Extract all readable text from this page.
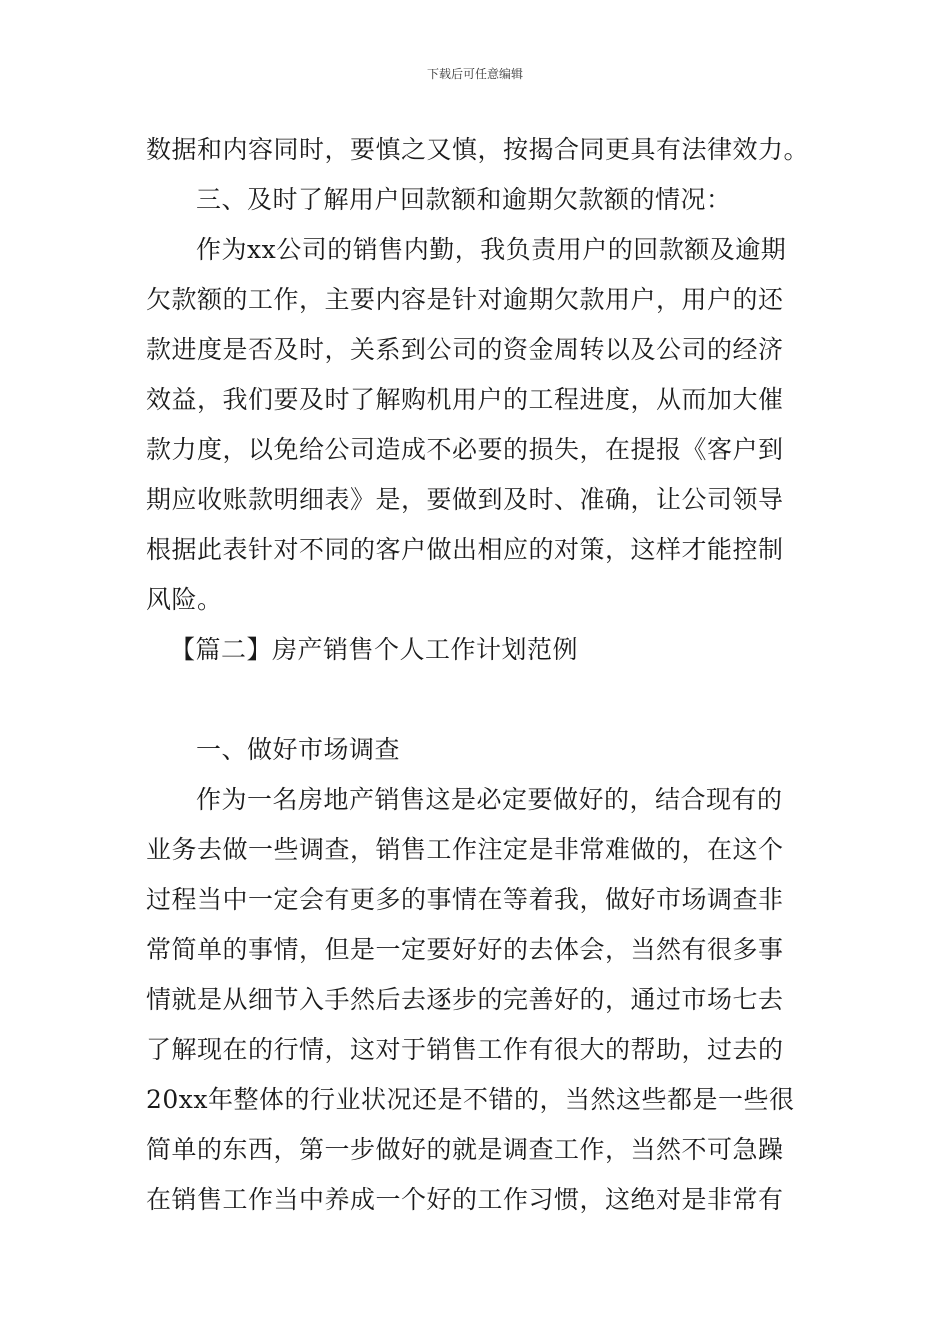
下载后可任意编辑
数据和内容同时，要慎之又慎，按揭合同更具有法律效力。
三、及时了解用户回款额和逾期欠款额的情况：
作为xx公司的销售内勤，我负责用户的回款额及逾期
欠款额的工作，主要内容是针对逾期欠款用户，用户的还
款进度是否及时，关系到公司的资金周转以及公司的经济
效益，我们要及时了解购机用户的工程进度，从而加大催
款力度，以免给公司造成不必要的损失，在提报《客户到
期应收账款明细表》是，要做到及时、准确，让公司领导
根据此表针对不同的客户做出相应的对策，这样才能控制
风险。
【篇二】房产销售个人工作计划范例
一、做好市场调查
作为一名房地产销售这是必定要做好的，结合现有的
业务去做一些调查，销售工作注定是非常难做的，在这个
过程当中一定会有更多的事情在等着我，做好市场调查非
常简单的事情，但是一定要好好的去体会，当然有很多事
情就是从细节入手然后去逐步的完善好的，通过市场七去
了解现在的行情，这对于销售工作有很大的帮助，过去的
20xx年整体的行业状况还是不错的，当然这些都是一些很
简单的东西，第一步做好的就是调查工作，当然不可急躁
在销售工作当中养成一个好的工作习惯，这绝对是非常有
